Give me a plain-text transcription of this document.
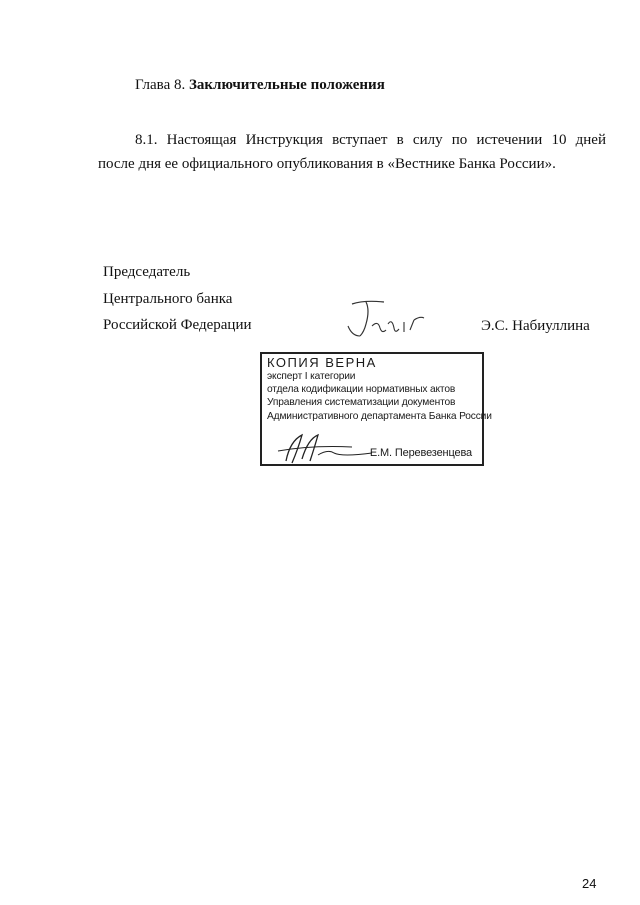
Глава 8. Заключительные положения
8.1. Настоящая Инструкция вступает в силу по истечении 10 дней
после дня ее официального опубликования в «Вестнике Банка России».
Председатель
Центрального банка
Российской Федерации	Э.С. Набиуллина
КОПИЯ ВЕРНА
эксперт I категории
отдела кодификации нормативных актов
Управления систематизации документов
Административного департамента Банка России
Е.М. Перевезенцева
24
